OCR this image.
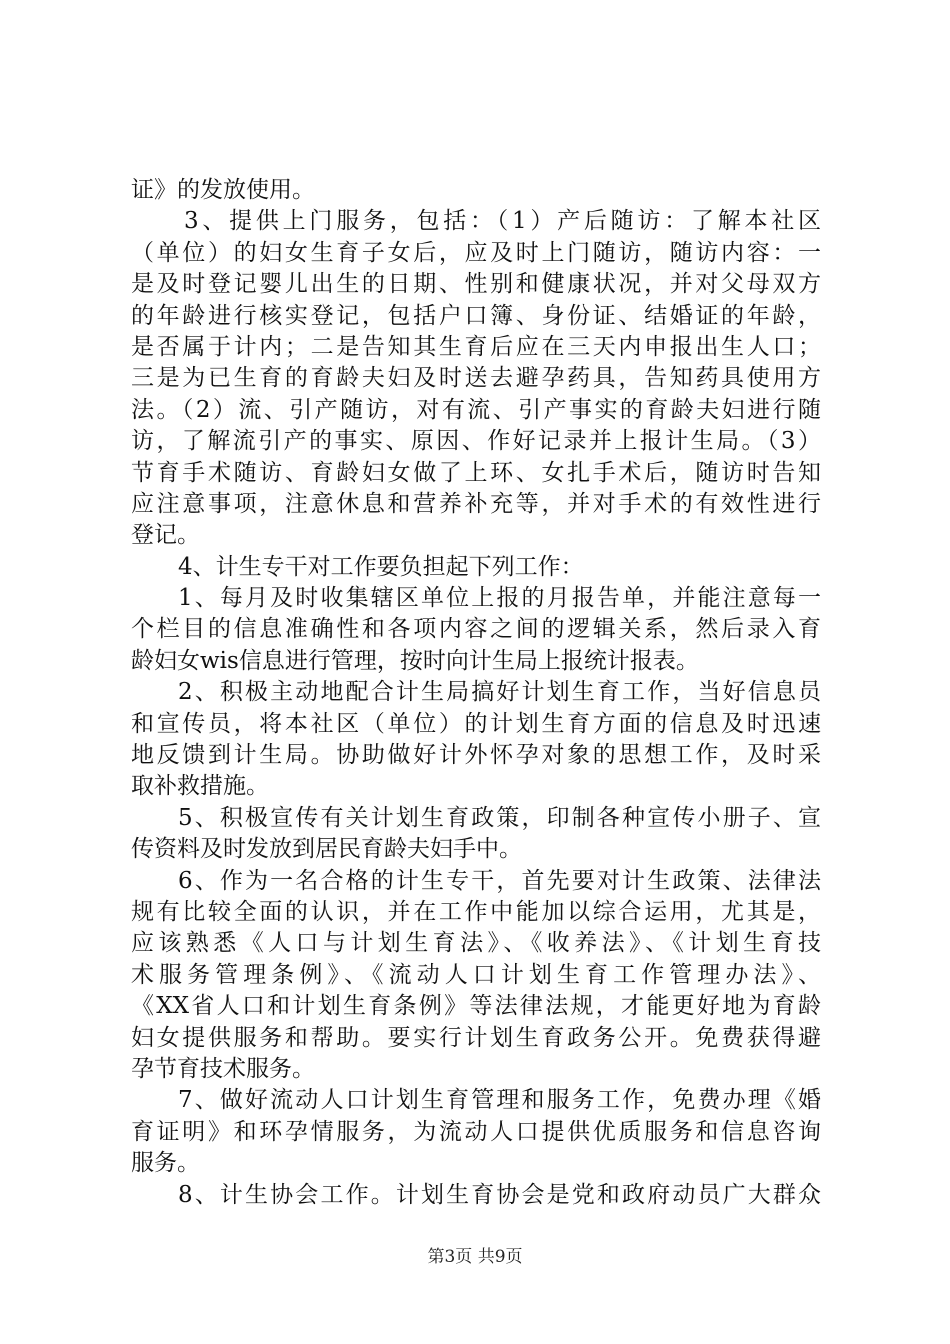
证》的发放使用。
3、提供上门服务，包括：（1）产后随访：了解本社区
（单位）的妇女生育子女后，应及时上门随访，随访内容：一
是及时登记婴儿出生的日期、性别和健康状况，并对父母双方
的年龄进行核实登记，包括户口簿、身份证、结婚证的年龄，
是否属于计内；二是告知其生育后应在三天内申报出生人口；
三是为已生育的育龄夫妇及时送去避孕药具，告知药具使用方
法。（2）流、引产随访，对有流、引产事实的育龄夫妇进行随
访，了解流引产的事实、原因、作好记录并上报计生局。（3）
节育手术随访、育龄妇女做了上环、女扎手术后，随访时告知
应注意事项，注意休息和营养补充等，并对手术的有效性进行
登记。
4、计生专干对工作要负担起下列工作：
1、每月及时收集辖区单位上报的月报告单，并能注意每一
个栏目的信息准确性和各项内容之间的逻辑关系，然后录入育
龄妇女wis信息进行管理，按时向计生局上报统计报表。
2、积极主动地配合计生局搞好计划生育工作，当好信息员
和宣传员，将本社区（单位）的计划生育方面的信息及时迅速
地反馈到计生局。协助做好计外怀孕对象的思想工作，及时采
取补救措施。
5、积极宣传有关计划生育政策，印制各种宣传小册子、宣
传资料及时发放到居民育龄夫妇手中。
6、作为一名合格的计生专干，首先要对计生政策、法律法
规有比较全面的认识，并在工作中能加以综合运用，尤其是，
应该熟悉《人口与计划生育法》、《收养法》、《计划生育技
术服务管理条例》、《流动人口计划生育工作管理办法》、
《XX省人口和计划生育条例》等法律法规，才能更好地为育龄
妇女提供服务和帮助。要实行计划生育政务公开。免费获得避
孕节育技术服务。
7、做好流动人口计划生育管理和服务工作，免费办理《婚
育证明》和环孕情服务，为流动人口提供优质服务和信息咨询
服务。
8、计生协会工作。计划生育协会是党和政府动员广大群众
第3页 共9页
